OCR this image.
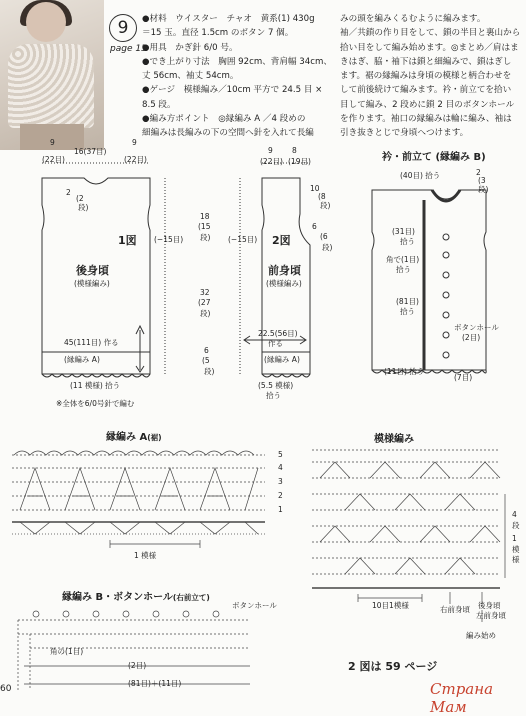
9
page 15
●材料　ウイスター　チャオ　黄系(1) 430g
＝15 玉。直径 1.5cm のボタン 7 個。
●用具　かぎ針 6/0 号。
●でき上がり寸法　胸囲 92cm、背肩幅 34cm、
丈 56cm、袖丈 54cm。
●ゲージ　模様編み／10cm 平方で 24.5 目 ×
8.5 段。
●編み方ポイント　◎縁編み A ／4 段めの
細編みは長編みの下の空間へ針を入れて長編
みの頭を編みくるむように編みます。
袖／共鎖の作り目をして、鎖の半目と裏山から
拾い目をして編み始めます。◎まとめ／肩はま
きはぎ、脇・袖下は鎖と細編みで、鎖はぎし
ます。裾の縁編みは身頃の模様と柄合わせを
して前後続けて編みます。衿・前立てを拾い
目して編み、2 段めに鎖 2 目のボタンホール
を作ります。袖口の縁編みは輪に編み、袖は
引き抜きとじで身頃へつけます。
9
16(37目)
9
(22目)	(22目)
2
(2
段)
(−15目)
1図
後身頃
(模様編み)
18
(15
段)
32
(27
段)
6
(5
段)
45(111目) 作る
(縁編み A)
(11 模様) 拾う
※全体を6/0号針で編む
9	8
(22目) (19目)
10
(8
段)
6
(6
段)
(−15目) 2図
前身頃
(模様編み)
22.5(56目)
作る
(縁編み A)
(5.5 模様)
拾う
衿・前立て (縁編み B)
(40目) 拾う	2
(3
段)
(31目)
拾う
角で(1目)
拾う
(81目)
拾う
ボタンホール
(2目)
(11目) 拾う
(7目)
縁編み A(裾)
5
4
3
2
1
1 模様
模様編み
4
段
1
模
様
10目1模様	右前身頃 後身頃
左前身頃
編み始め
縁編み B・ボタンホール(右前立て)
ボタンホール
角の(1目)
(2目)
(81目)＋(11目)
60
2 図は 59 ページ
Страна Мам
